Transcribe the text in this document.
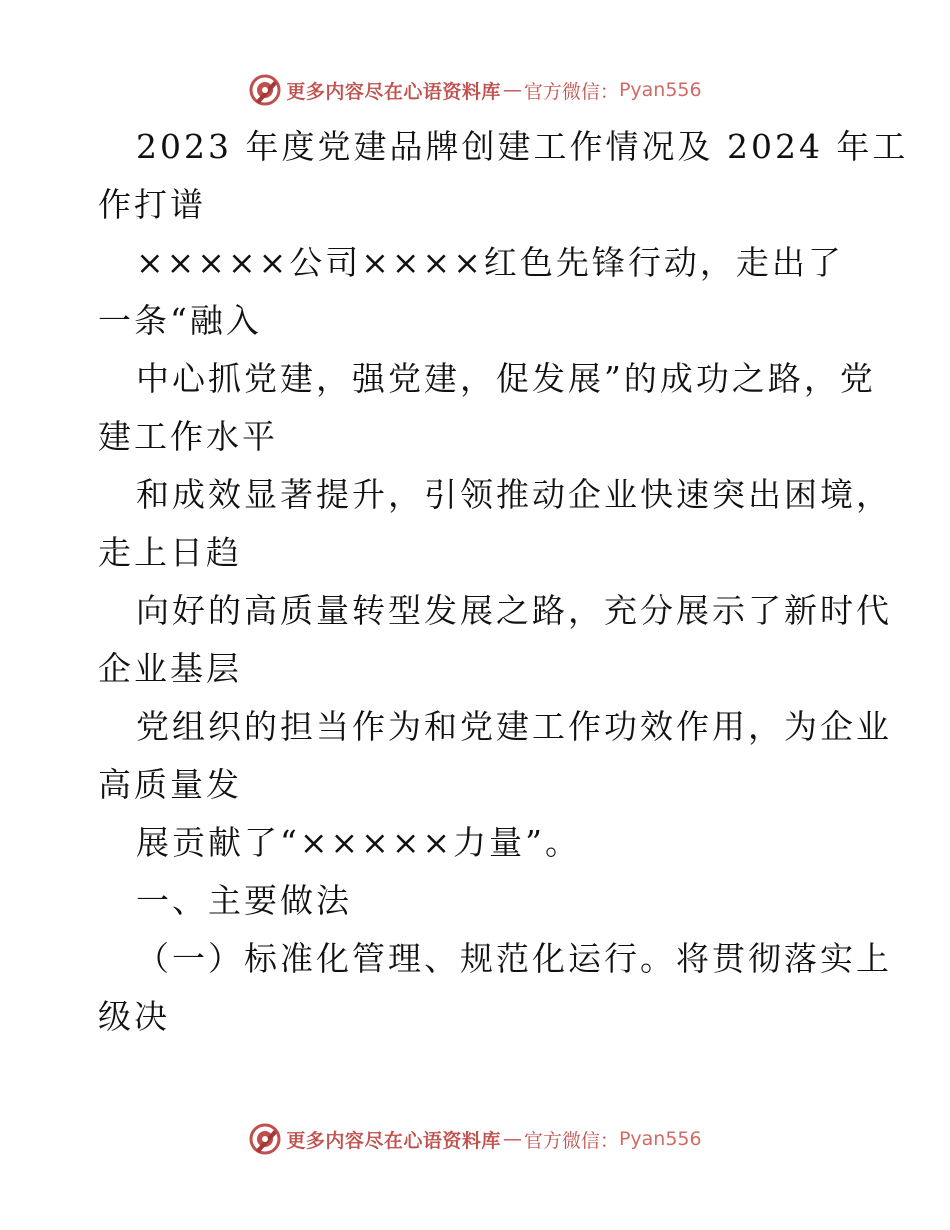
更多内容尽在心语资料库 — 官方微信： Pyan556

2023 年度党建品牌创建工作情况及 2024 年工

作打谱

×××××公司××××红色先锋行动，走出了

一条“融入

中心抓党建，强党建，促发展”的成功之路，党

建工作水平

和成效显著提升，引领推动企业快速突出困境，

走上日趋

向好的高质量转型发展之路，充分展示了新时代

企业基层

党组织的担当作为和党建工作功效作用，为企业

高质量发

展贡献了“×××××力量”。

一、主要做法

（一）标准化管理、规范化运行。将贯彻落实上

级决

更多内容尽在心语资料库 — 官方微信： Pyan556
